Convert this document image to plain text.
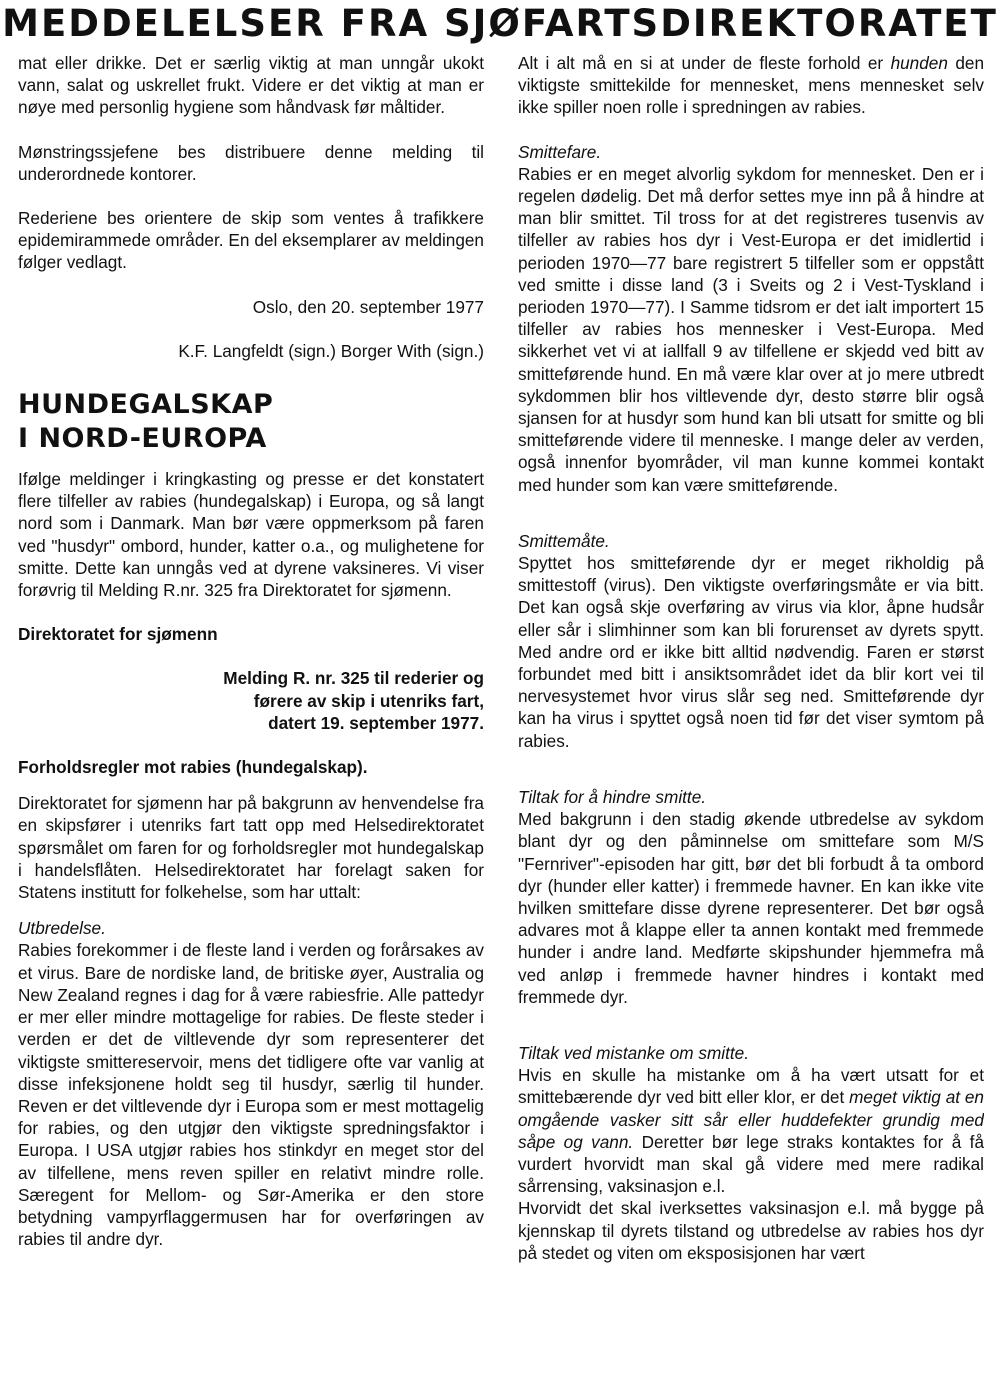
MEDDELELSER FRA SJØFARTSDIREKTORATET

mat eller drikke. Det er særlig viktig at man unngår ukokt vann, salat og uskrellet frukt. Videre er det viktig at man er nøye med personlig hygiene som håndvask før måltider.

Mønstringssjefene bes distribuere denne melding til underordnede kontorer.

Rederiene bes orientere de skip som ventes å trafikkere epidemirammede områder. En del eksemplarer av meldingen følger vedlagt.

Oslo, den 20. september 1977

K.F. Langfeldt (sign.) Borger With (sign.)

HUNDEGALSKAP
I NORD-EUROPA

Ifølge meldinger i kringkasting og presse er det konstatert flere tilfeller av rabies (hundegalskap) i Europa, og så langt nord som i Danmark. Man bør være oppmerksom på faren ved "husdyr" ombord, hunder, katter o.a., og mulighetene for smitte. Dette kan unngås ved at dyrene vaksineres. Vi viser forøvrig til Melding R.nr. 325 fra Direktoratet for sjømenn.

Direktoratet for sjømenn

Melding R. nr. 325 til rederier og
førere av skip i utenriks fart,
datert 19. september 1977.

Forholdsregler mot rabies (hundegalskap).

Direktoratet for sjømenn har på bakgrunn av henvendelse fra en skipsfører i utenriks fart tatt opp med Helsedirektoratet spørsmålet om faren for og forholdsregler mot hundegalskap i handelsflåten. Helsedirektoratet har forelagt saken for Statens institutt for folkehelse, som har uttalt:

Utbredelse.

Rabies forekommer i de fleste land i verden og forårsakes av et virus. Bare de nordiske land, de britiske øyer, Australia og New Zealand regnes i dag for å være rabiesfrie. Alle pattedyr er mer eller mindre mottagelige for rabies. De fleste steder i verden er det de viltlevende dyr som representerer det viktigste smittereservoir, mens det tidligere ofte var vanlig at disse infeksjonene holdt seg til husdyr, særlig til hunder. Reven er det viltlevende dyr i Europa som er mest mottagelig for rabies, og den utgjør den viktigste spredningsfaktor i Europa. I USA utgjør rabies hos stinkdyr en meget stor del av tilfellene, mens reven spiller en relativt mindre rolle. Særegent for Mellom- og Sør-Amerika er den store betydning vampyrflaggermusen har for overføringen av rabies til andre dyr.

Alt i alt må en si at under de fleste forhold er hunden den viktigste smittekilde for mennesket, mens mennesket selv ikke spiller noen rolle i spredningen av rabies.

Smittefare.

Rabies er en meget alvorlig sykdom for mennesket. Den er i regelen dødelig. Det må derfor settes mye inn på å hindre at man blir smittet. Til tross for at det registreres tusenvis av tilfeller av rabies hos dyr i Vest-Europa er det imidlertid i perioden 1970—77 bare registrert 5 tilfeller som er oppstått ved smitte i disse land (3 i Sveits og 2 i Vest-Tyskland i perioden 1970—77). I Samme tidsrom er det ialt importert 15 tilfeller av rabies hos mennesker i Vest-Europa. Med sikkerhet vet vi at iallfall 9 av tilfellene er skjedd ved bitt av smitteførende hund. En må være klar over at jo mere utbredt sykdommen blir hos viltlevende dyr, desto større blir også sjansen for at husdyr som hund kan bli utsatt for smitte og bli smitteførende videre til menneske. I mange deler av verden, også innenfor byområder, vil man kunne kommei kontakt med hunder som kan være smitteførende.

Smittemåte.

Spyttet hos smitteførende dyr er meget rikholdig på smittestoff (virus). Den viktigste overføringsmåte er via bitt. Det kan også skje overføring av virus via klor, åpne hudsår eller sår i slimhinner som kan bli forurenset av dyrets spytt. Med andre ord er ikke bitt alltid nødvendig. Faren er størst forbundet med bitt i ansiktsområdet idet da blir kort vei til nervesystemet hvor virus slår seg ned. Smitteførende dyr kan ha virus i spyttet også noen tid før det viser symtom på rabies.

Tiltak for å hindre smitte.

Med bakgrunn i den stadig økende utbredelse av sykdom blant dyr og den påminnelse om smittefare som M/S "Fernriver"-episoden har gitt, bør det bli forbudt å ta ombord dyr (hunder eller katter) i fremmede havner. En kan ikke vite hvilken smittefare disse dyrene representerer. Det bør også advares mot å klappe eller ta annen kontakt med fremmede hunder i andre land. Medførte skipshunder hjemmefra må ved anløp i fremmede havner hindres i kontakt med fremmede dyr.

Tiltak ved mistanke om smitte.

Hvis en skulle ha mistanke om å ha vært utsatt for et smittebærende dyr ved bitt eller klor, er det meget viktig at en omgående vasker sitt sår eller huddefekter grundig med såpe og vann. Deretter bør lege straks kontaktes for å få vurdert hvorvidt man skal gå videre med mere radikal sårrensing, vaksinasjon e.l.

Hvorvidt det skal iverksettes vaksinasjon e.l. må bygge på kjennskap til dyrets tilstand og utbredelse av rabies hos dyr på stedet og viten om eksposisjonen har vært
